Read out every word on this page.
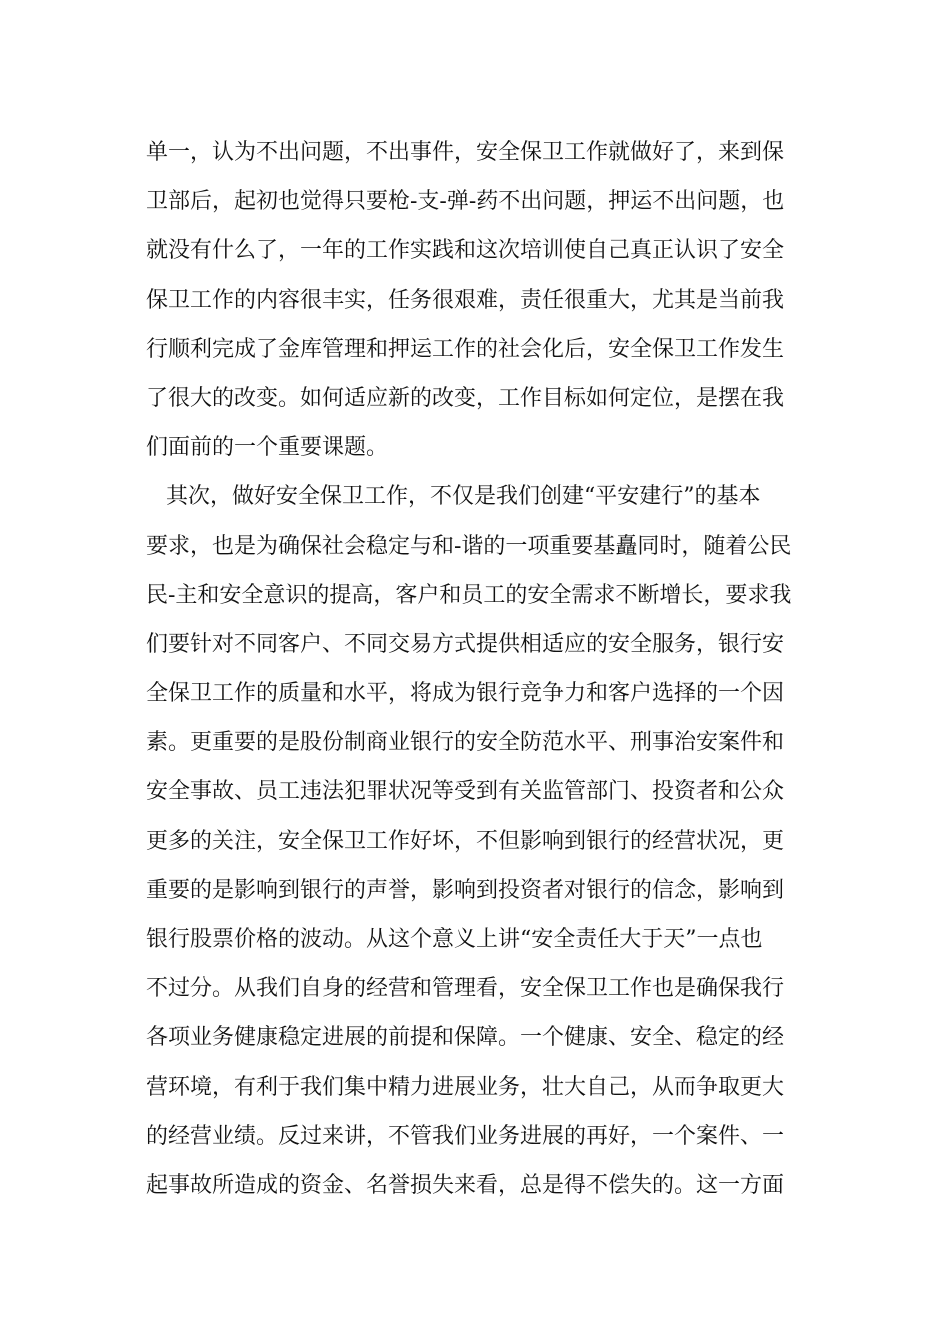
单一，认为不出问题，不出事件，安全保卫工作就做好了，来到保
卫部后，起初也觉得只要枪-支-弹-药不出问题，押运不出问题，也
就没有什么了，一年的工作实践和这次培训使自己真正认识了安全
保卫工作的内容很丰实，任务很艰难，责任很重大，尤其是当前我
行顺利完成了金库管理和押运工作的社会化后，安全保卫工作发生
了很大的改变。如何适应新的改变，工作目标如何定位，是摆在我
们面前的一个重要课题。
其次，做好安全保卫工作，不仅是我们创建“平安建行”的基本
要求，也是为确保社会稳定与和-谐的一项重要基矗同时，随着公民
民-主和安全意识的提高，客户和员工的安全需求不断增长，要求我
们要针对不同客户、不同交易方式提供相适应的安全服务，银行安
全保卫工作的质量和水平，将成为银行竞争力和客户选择的一个因
素。更重要的是股份制商业银行的安全防范水平、刑事治安案件和
安全事故、员工违法犯罪状况等受到有关监管部门、投资者和公众
更多的关注，安全保卫工作好坏，不但影响到银行的经营状况，更
重要的是影响到银行的声誉，影响到投资者对银行的信念，影响到
银行股票价格的波动。从这个意义上讲“安全责任大于天”一点也
不过分。从我们自身的经营和管理看，安全保卫工作也是确保我行
各项业务健康稳定进展的前提和保障。一个健康、安全、稳定的经
营环境，有利于我们集中精力进展业务，壮大自己，从而争取更大
的经营业绩。反过来讲，不管我们业务进展的再好，一个案件、一
起事故所造成的资金、名誉损失来看，总是得不偿失的。这一方面
